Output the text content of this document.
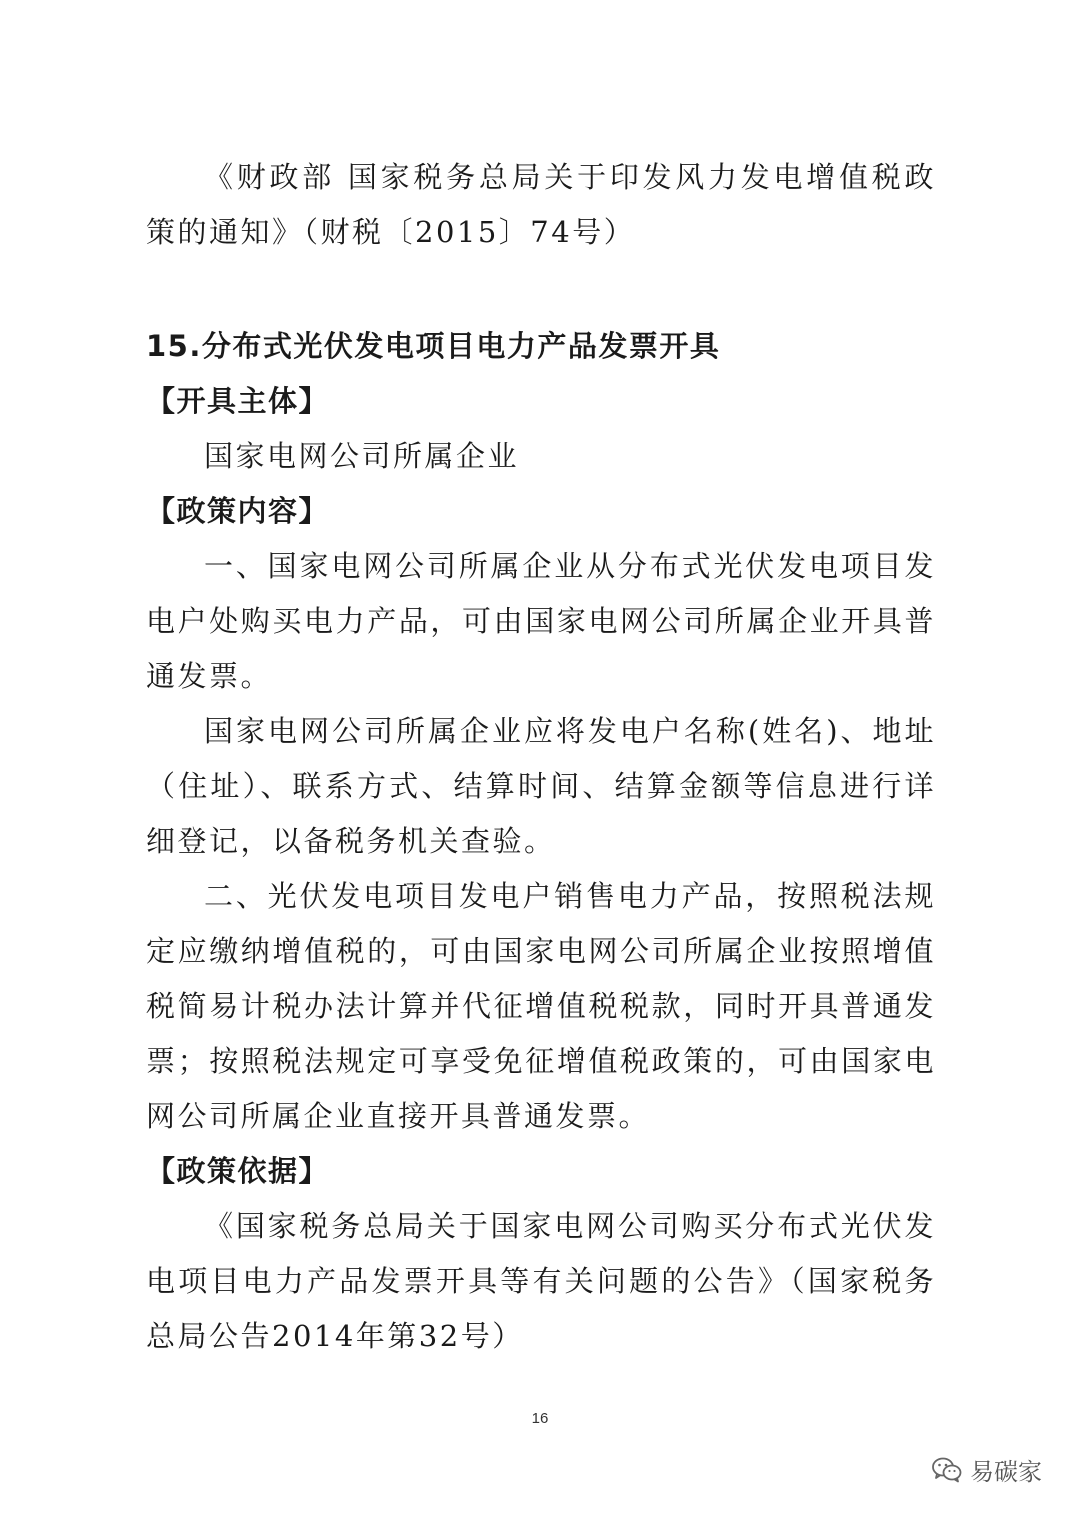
《财政部 国家税务总局关于印发风力发电增值税政策的通知》（财税〔2015〕74号）

15.分布式光伏发电项目电力产品发票开具

【开具主体】

国家电网公司所属企业

【政策内容】

一、国家电网公司所属企业从分布式光伏发电项目发电户处购买电力产品，可由国家电网公司所属企业开具普通发票。

国家电网公司所属企业应将发电户名称(姓名)、地址（住址）、联系方式、结算时间、结算金额等信息进行详细登记，以备税务机关查验。

二、光伏发电项目发电户销售电力产品，按照税法规定应缴纳增值税的，可由国家电网公司所属企业按照增值税简易计税办法计算并代征增值税税款，同时开具普通发票；按照税法规定可享受免征增值税政策的，可由国家电网公司所属企业直接开具普通发票。

【政策依据】

《国家税务总局关于国家电网公司购买分布式光伏发电项目电力产品发票开具等有关问题的公告》（国家税务总局公告2014年第32号）

16
易碳家
